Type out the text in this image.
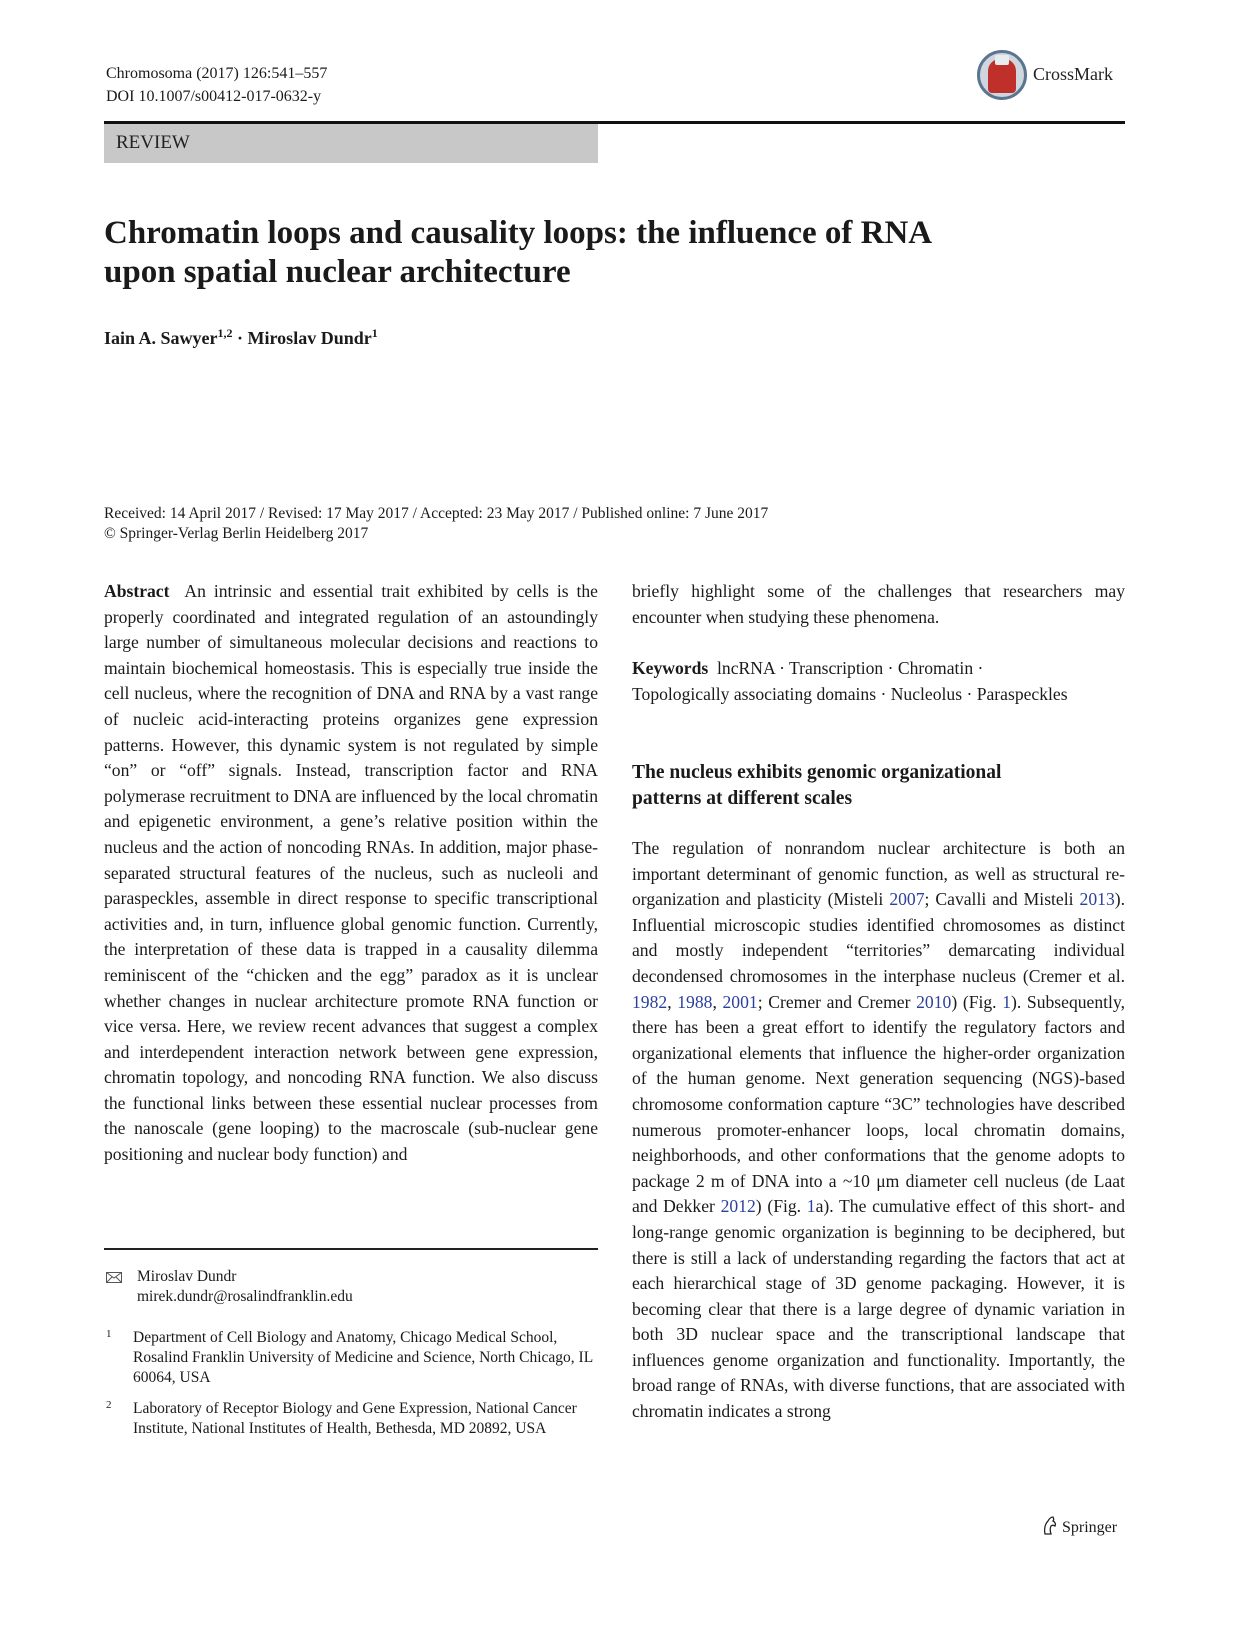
Chromosoma (2017) 126:541–557
DOI 10.1007/s00412-017-0632-y
CrossMark
REVIEW
Chromatin loops and causality loops: the influence of RNA
upon spatial nuclear architecture
Iain A. Sawyer$^{1,2}$ · Miroslav Dundr$^1$
Received: 14 April 2017 / Revised: 17 May 2017 / Accepted: 23 May 2017 / Published online: 7 June 2017
© Springer-Verlag Berlin Heidelberg 2017

Abstract An intrinsic and essential trait exhibited by cells is the properly coordinated and integrated regulation of an astoundingly large number of simultaneous molecular decisions and reactions to maintain biochemical homeostasis. This is especially true inside the cell nucleus, where the recognition of DNA and RNA by a vast range of nucleic acid-interacting proteins organizes gene expression patterns. However, this dynamic system is not regulated by simple “on” or “off” signals. Instead, transcription factor and RNA polymerase recruitment to DNA are influenced by the local chromatin and epigenetic environment, a gene’s relative position within the nucleus and the action of noncoding RNAs. In addition, major phase-separated structural features of the nucleus, such as nucleoli and paraspeckles, assemble in direct response to specific transcriptional activities and, in turn, influence global genomic function. Currently, the interpretation of these data is trapped in a causality dilemma reminiscent of the “chicken and the egg” paradox as it is unclear whether changes in nuclear architecture promote RNA function or vice versa. Here, we review recent advances that suggest a complex and interdependent interaction network between gene expression, chromatin topology, and noncoding RNA function. We also discuss the functional links between these essential nuclear processes from the nanoscale (gene looping) to the macroscale (sub-nuclear gene positioning and nuclear body function) and

briefly highlight some of the challenges that researchers may encounter when studying these phenomena.

Keywords lncRNA · Transcription · Chromatin ·
Topologically associating domains · Nucleolus · Paraspeckles

The nucleus exhibits genomic organizational
patterns at different scales

The regulation of nonrandom nuclear architecture is both an important determinant of genomic function, as well as structural re-organization and plasticity (Misteli 2007; Cavalli and Misteli 2013). Influential microscopic studies identified chromosomes as distinct and mostly independent “territories” demarcating individual decondensed chromosomes in the interphase nucleus (Cremer et al. 1982, 1988, 2001; Cremer and Cremer 2010) (Fig. 1). Subsequently, there has been a great effort to identify the regulatory factors and organizational elements that influence the higher-order organization of the human genome. Next generation sequencing (NGS)-based chromosome conformation capture “3C” technologies have described numerous promoter-enhancer loops, local chromatin domains, neighborhoods, and other conformations that the genome adopts to package 2 m of DNA into a ~10 μm diameter cell nucleus (de Laat and Dekker 2012) (Fig. 1a). The cumulative effect of this short- and long-range genomic organization is beginning to be deciphered, but there is still a lack of understanding regarding the factors that act at each hierarchical stage of 3D genome packaging. However, it is becoming clear that there is a large degree of dynamic variation in both 3D nuclear space and the transcriptional landscape that influences genome organization and functionality. Importantly, the broad range of RNAs, with diverse functions, that are associated with chromatin indicates a strong

Miroslav Dundr
mirek.dundr@rosalindfranklin.edu
1 Department of Cell Biology and Anatomy, Chicago Medical School, Rosalind Franklin University of Medicine and Science, North Chicago, IL 60064, USA
2 Laboratory of Receptor Biology and Gene Expression, National Cancer Institute, National Institutes of Health, Bethesda, MD 20892, USA
Springer
